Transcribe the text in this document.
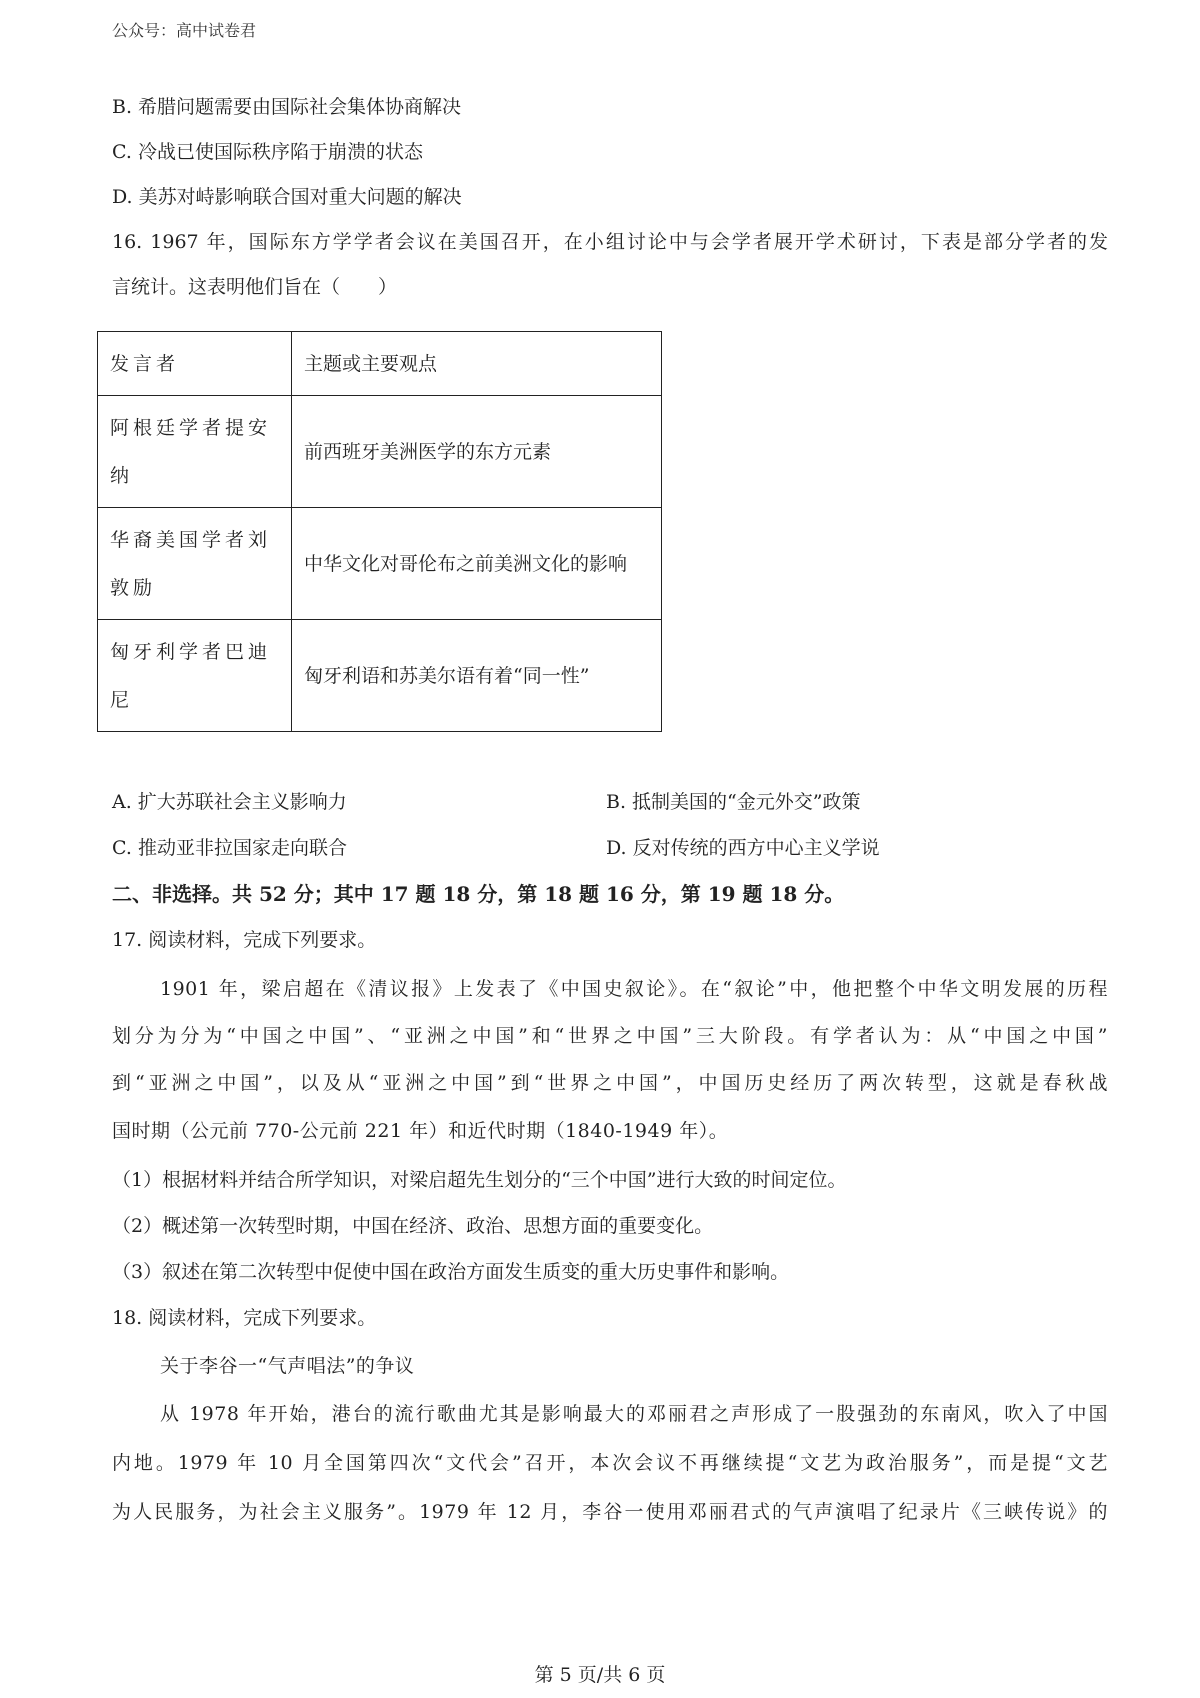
公众号：高中试卷君
B. 希腊问题需要由国际社会集体协商解决
C. 冷战已使国际秩序陷于崩溃的状态
D. 美苏对峙影响联合国对重大问题的解决
16. 1967 年，国际东方学学者会议在美国召开，在小组讨论中与会学者展开学术研讨，下表是部分学者的发
言统计。这表明他们旨在（　　）
发言者	主题或主要观点
阿根廷学者提安纳	前西班牙美洲医学的东方元素
华裔美国学者刘敦励	中华文化对哥伦布之前美洲文化的影响
匈牙利学者巴迪尼	匈牙利语和苏美尔语有着“同一性”
A. 扩大苏联社会主义影响力	B. 抵制美国的“金元外交”政策
C. 推动亚非拉国家走向联合	D. 反对传统的西方中心主义学说
二、非选择。共 52 分；其中 17 题 18 分，第 18 题 16 分，第 19 题 18 分。
17. 阅读材料，完成下列要求。
1901 年，梁启超在《清议报》上发表了《中国史叙论》。在“叙论”中，他把整个中华文明发展的历程
划分为分为“中国之中国”、“亚洲之中国”和“世界之中国”三大阶段。有学者认为：从“中国之中国”
到“亚洲之中国”，以及从“亚洲之中国”到“世界之中国”，中国历史经历了两次转型，这就是春秋战
国时期（公元前 770-公元前 221 年）和近代时期（1840-1949 年）。
（1）根据材料并结合所学知识，对梁启超先生划分的“三个中国”进行大致的时间定位。
（2）概述第一次转型时期，中国在经济、政治、思想方面的重要变化。
（3）叙述在第二次转型中促使中国在政治方面发生质变的重大历史事件和影响。
18. 阅读材料，完成下列要求。
关于李谷一“气声唱法”的争议
从 1978 年开始，港台的流行歌曲尤其是影响最大的邓丽君之声形成了一股强劲的东南风，吹入了中国
内地。1979 年 10 月全国第四次“文代会”召开，本次会议不再继续提“文艺为政治服务”，而是提“文艺
为人民服务，为社会主义服务”。1979 年 12 月，李谷一使用邓丽君式的气声演唱了纪录片《三峡传说》的
第 5 页/共 6 页
